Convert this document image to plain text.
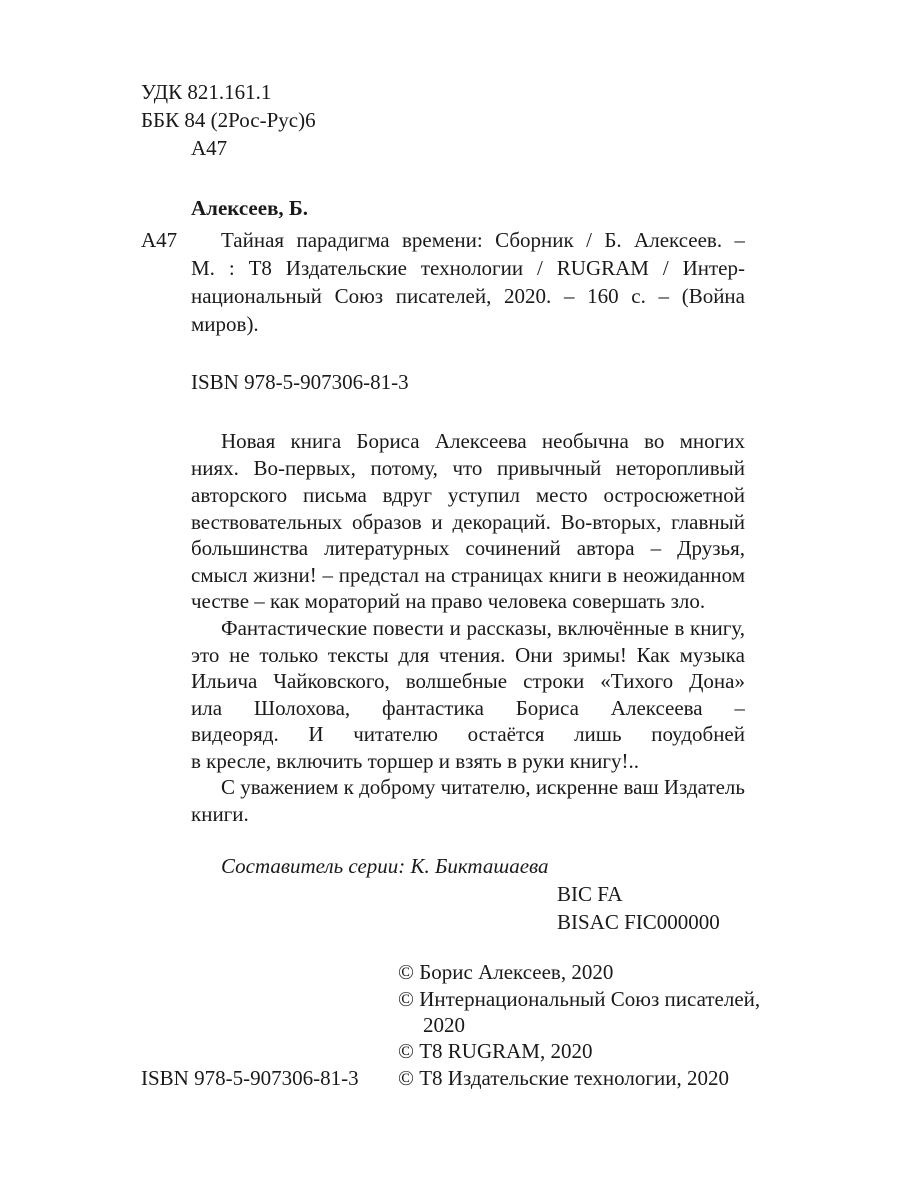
УДК 821.161.1
ББК 84 (2Рос-Рус)6
А47
Алексеев, Б.
А47 Тайная парадигма времени: Сборник / Б. Алексеев. –
М. : Т8 Издательские технологии / RUGRAM / Интер-
национальный Союз писателей, 2020. – 160 с. – (Война
миров).
ISBN 978-5-907306-81-3
Новая книга Бориса Алексеева необычна во многих
ниях. Во-первых, потому, что привычный неторопливый
авторского письма вдруг уступил место остросюжетной
вествовательных образов и декораций. Во-вторых, главный
большинства литературных сочинений автора – Друзья,
смысл жизни! – предстал на страницах книги в неожиданном
честве – как мораторий на право человека совершать зло.
Фантастические повести и рассказы, включённые в книгу,
это не только тексты для чтения. Они зримы! Как музыка
Ильича Чайковского, волшебные строки «Тихого Дона»
ила Шолохова, фантастика Бориса Алексеева –
видеоряд. И читателю остаётся лишь поудобней
в кресле, включить торшер и взять в руки книгу!..
С уважением к доброму читателю, искренне ваш Издатель
книги.
Составитель серии: К. Бикташаева
BIC FA
BISAC FIC000000
© Борис Алексеев, 2020
© Интернациональный Союз писателей,
2020
© Т8 RUGRAM, 2020
© Т8 Издательские технологии, 2020
ISBN 978-5-907306-81-3
